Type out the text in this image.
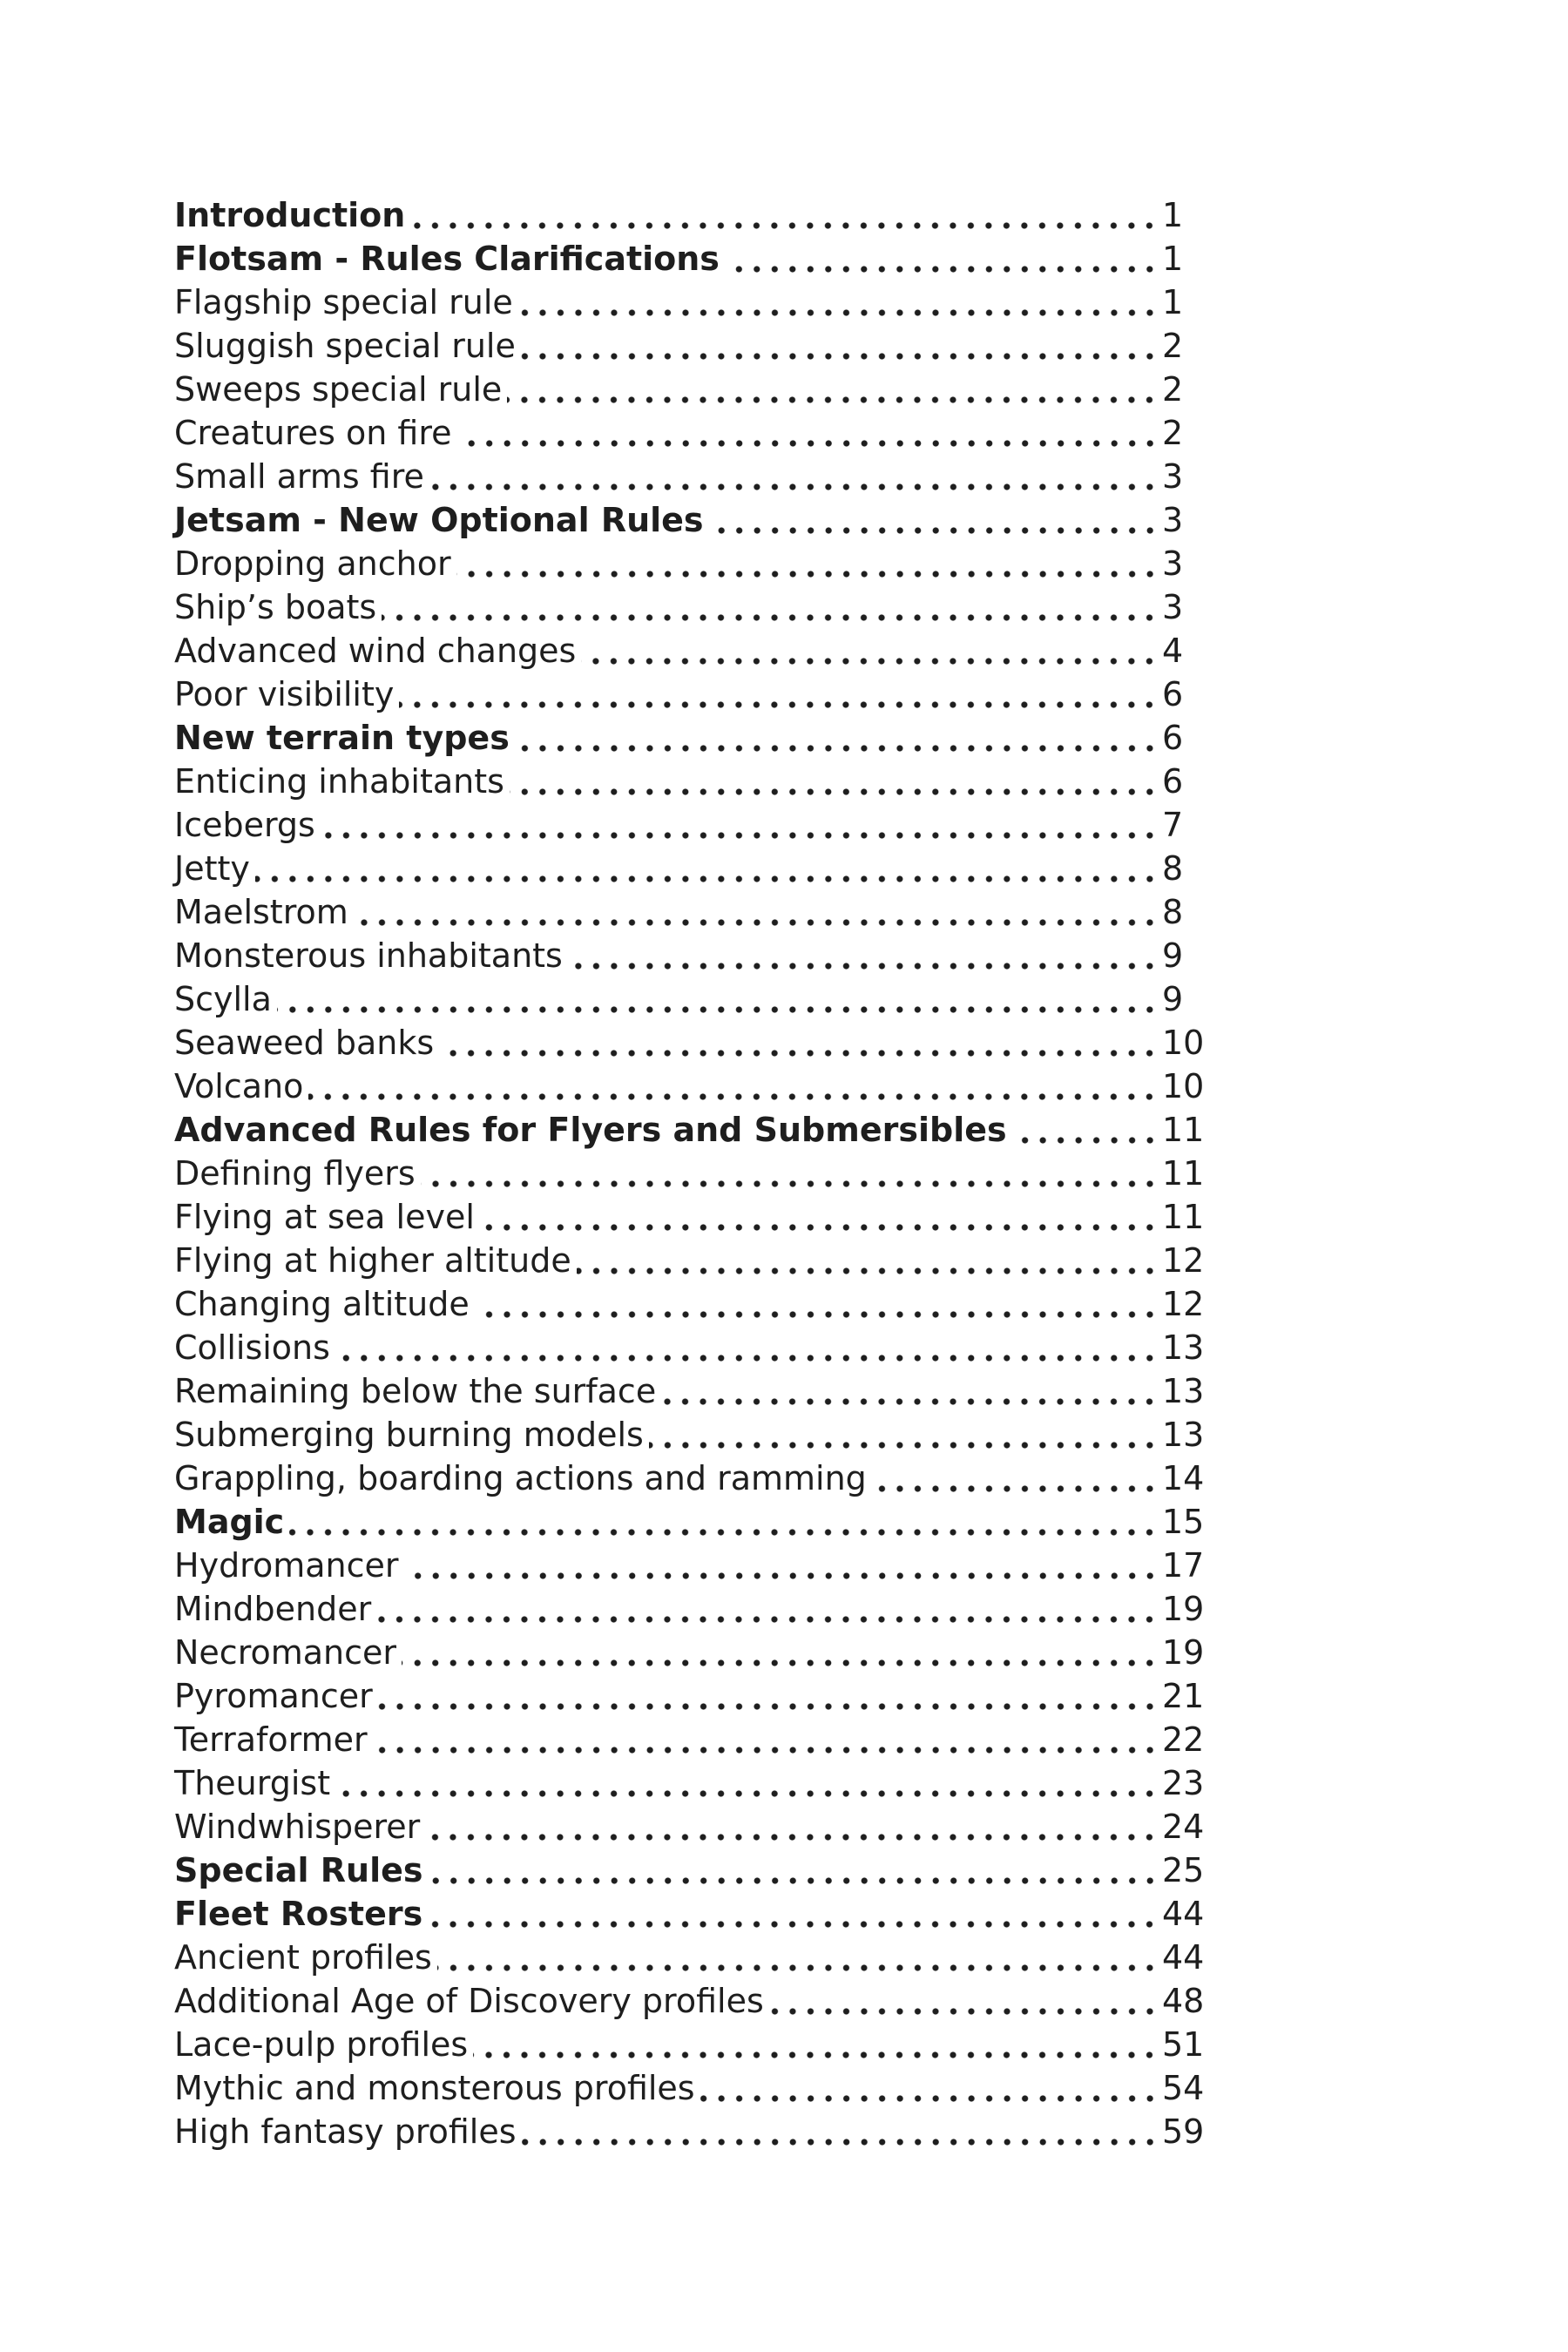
Introduction	1
Flotsam - Rules Clarifications	1
Flagship special rule	1
Sluggish special rule	2
Sweeps special rule	2
Creatures on fire	2
Small arms fire	3
Jetsam - New Optional Rules	3
Dropping anchor	3
Ship’s boats	3
Advanced wind changes	4
Poor visibility	6
New terrain types	6
Enticing inhabitants	6
Icebergs	7
Jetty	8
Maelstrom	8
Monsterous inhabitants	9
Scylla	9
Seaweed banks	10
Volcano	10
Advanced Rules for Flyers and Submersibles	11
Defining flyers	11
Flying at sea level	11
Flying at higher altitude	12
Changing altitude	12
Collisions	13
Remaining below the surface	13
Submerging burning models	13
Grappling, boarding actions and ramming	14
Magic	15
Hydromancer	17
Mindbender	19
Necromancer	19
Pyromancer	21
Terraformer	22
Theurgist	23
Windwhisperer	24
Special Rules	25
Fleet Rosters	44
Ancient profiles	44
Additional Age of Discovery profiles	48
Lace-pulp profiles	51
Mythic and monsterous profiles	54
High fantasy profiles	59
